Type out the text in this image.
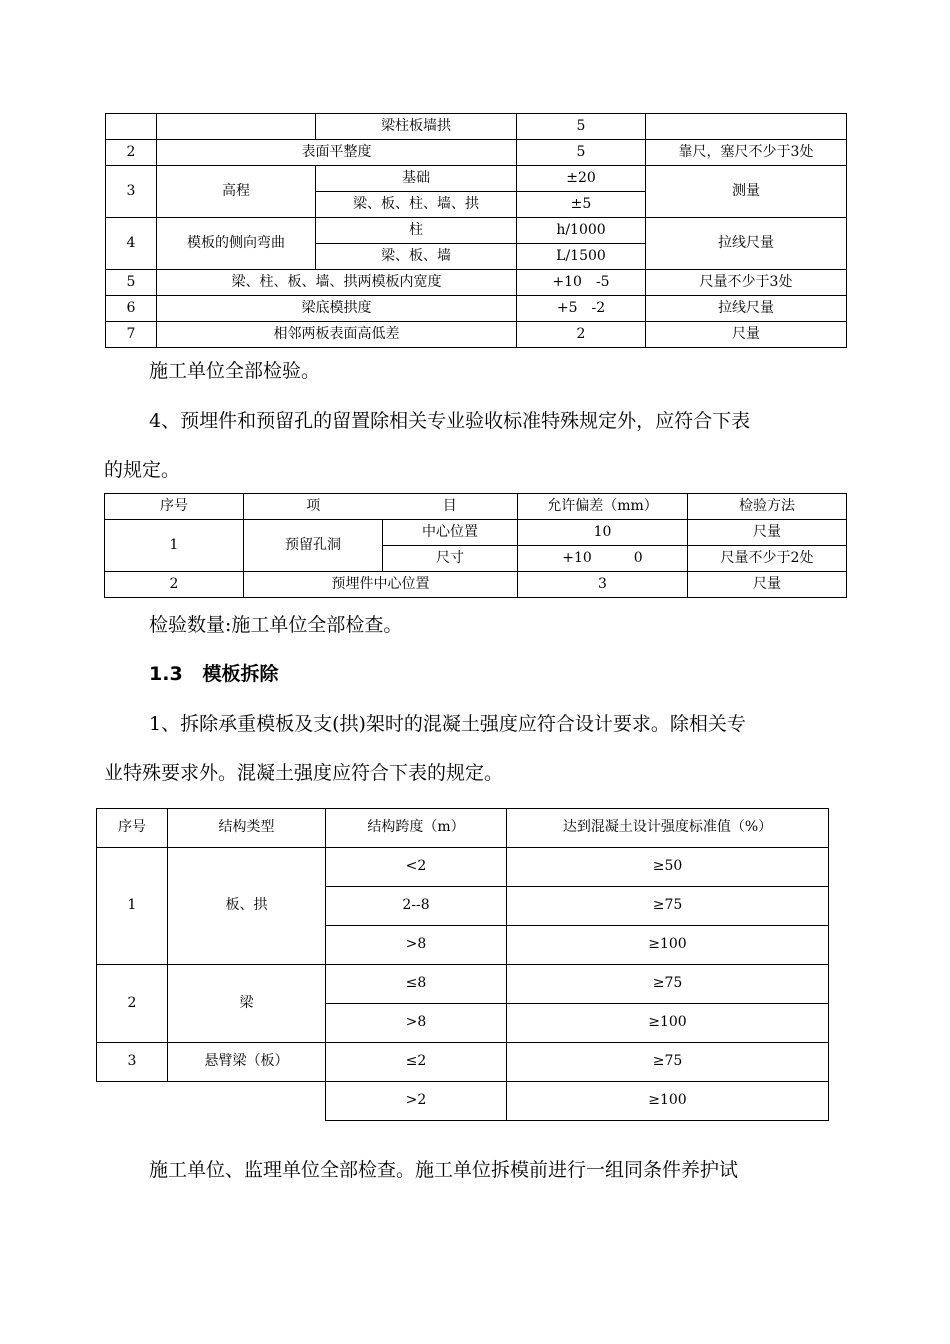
		梁柱板墙拱	5	
2	表面平整度		5	靠尺，塞尺不少于3处
3	高程	基础	±20	测量
		梁、板、柱、墙、拱	±5	
4	模板的侧向弯曲	柱	h/1000	拉线尺量
		梁、板、墙	L/1500	
5	梁、柱、板、墙、拱两模板内宽度		+10　-5	尺量不少于3处
6	梁底模拱度		+5　-2	拉线尺量
7	相邻两板表面高低差		2	尺量
施工单位全部检验。
4、预埋件和预留孔的留置除相关专业验收标准特殊规定外，应符合下表
的规定。
序号	项	目	允许偏差（mm）	检验方法
1	预留孔洞	中心位置	10	尺量
		尺寸	+10　　　0	尺量不少于2处
2	预埋件中心位置		3	尺量
检验数量:施工单位全部检查。
1.3 模板拆除
1、拆除承重模板及支(拱)架时的混凝土强度应符合设计要求。除相关专
业特殊要求外。混凝土强度应符合下表的规定。
序号	结构类型	结构跨度（m）	达到混凝土设计强度标准值（%）
1	板、拱	<2	≥50
		2--8	≥75
		>8	≥100
2	梁	≤8	≥75
		>8	≥100
3	悬臂梁（板）	≤2	≥75
		>2	≥100
施工单位、监理单位全部检查。施工单位拆模前进行一组同条件养护试
